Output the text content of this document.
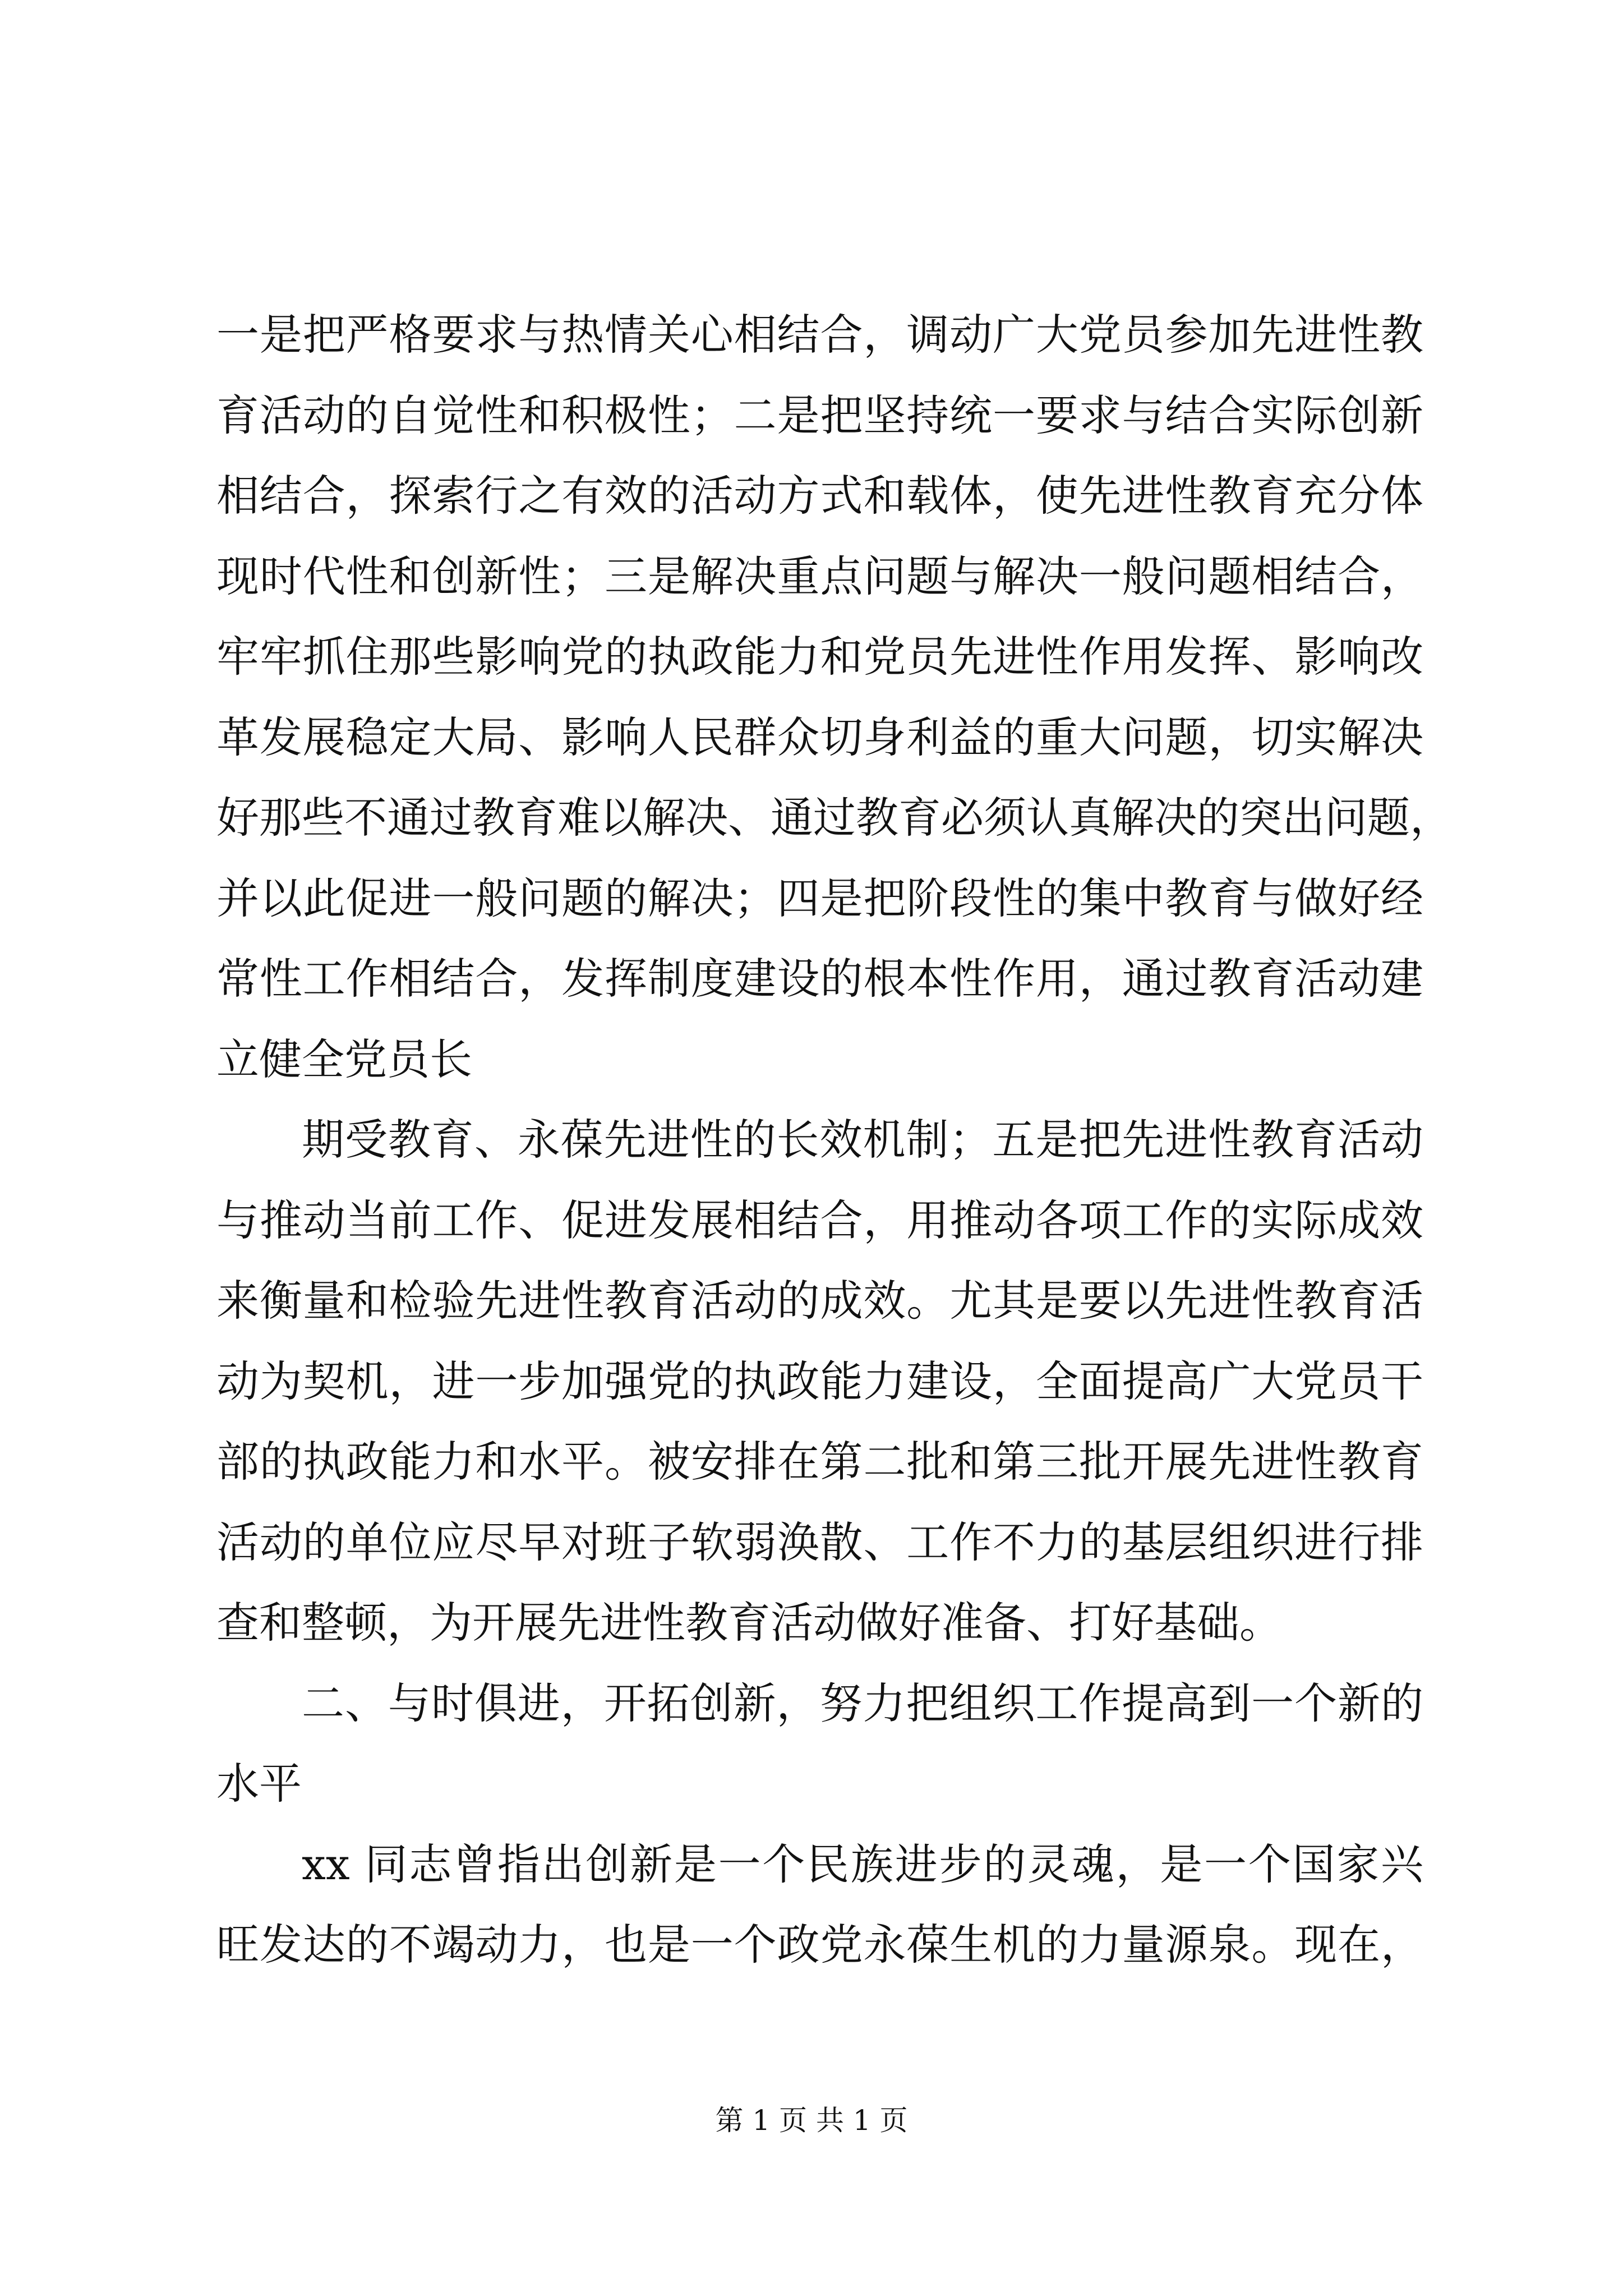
一是把严格要求与热情关心相结合，调动广大党员参加先进性教
育活动的自觉性和积极性；二是把坚持统一要求与结合实际创新
相结合，探索行之有效的活动方式和载体，使先进性教育充分体
现时代性和创新性；三是解决重点问题与解决一般问题相结合，
牢牢抓住那些影响党的执政能力和党员先进性作用发挥、影响改
革发展稳定大局、影响人民群众切身利益的重大问题，切实解决
好那些不通过教育难以解决、通过教育必须认真解决的突出问题，
并以此促进一般问题的解决；四是把阶段性的集中教育与做好经
常性工作相结合，发挥制度建设的根本性作用，通过教育活动建
立健全党员长
期受教育、永葆先进性的长效机制；五是把先进性教育活动
与推动当前工作、促进发展相结合，用推动各项工作的实际成效
来衡量和检验先进性教育活动的成效。尤其是要以先进性教育活
动为契机，进一步加强党的执政能力建设，全面提高广大党员干
部的执政能力和水平。被安排在第二批和第三批开展先进性教育
活动的单位应尽早对班子软弱涣散、工作不力的基层组织进行排
查和整顿，为开展先进性教育活动做好准备、打好基础。
二、与时俱进，开拓创新，努力把组织工作提高到一个新的
水平
xx 同志曾指出创新是一个民族进步的灵魂，是一个国家兴
旺发达的不竭动力，也是一个政党永葆生机的力量源泉。现在，
第 1 页 共 1 页
